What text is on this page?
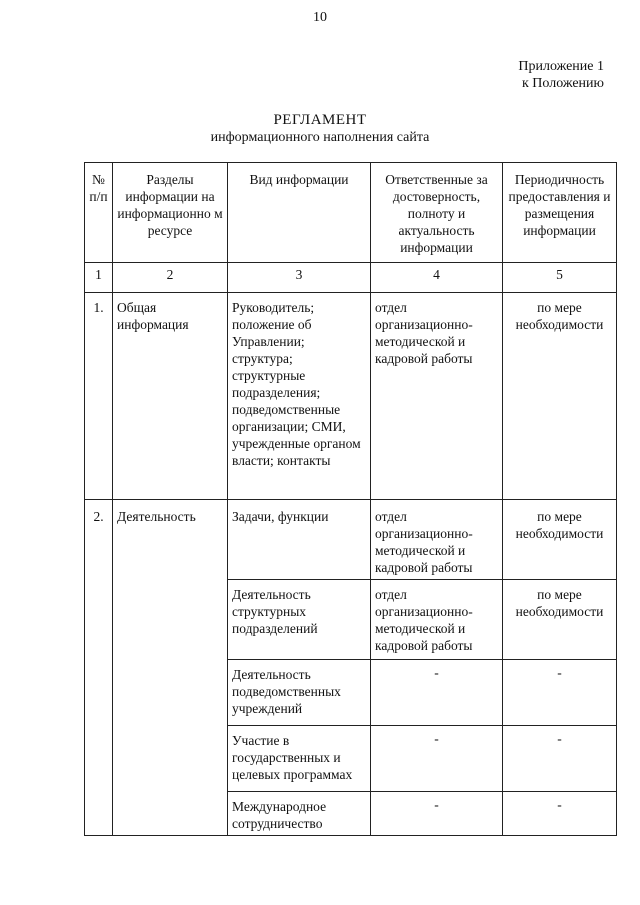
10
Приложение 1
к Положению
РЕГЛАМЕНТ
информационного наполнения сайта
№ п/п	Разделы информации на информационно м ресурсе	Вид информации	Ответственные за достоверность, полноту и актуальность информации	Периодичность предоставления и размещения информации
1	2	3	4	5
1.	Общая информация	Руководитель; положение об Управлении; структура; структурные подразделения; подведомственные организации; СМИ, учрежденные органом власти; контакты	отдел организационно-методической и кадровой работы	по мере необходимости
2.	Деятельность	Задачи, функции	отдел организационно-методической и кадровой работы	по мере необходимости
		Деятельность структурных подразделений	отдел организационно-методической и кадровой работы	по мере необходимости
		Деятельность подведомственных учреждений	-	-
		Участие в государственных и целевых программах	-	-
		Международное сотрудничество	-	-
